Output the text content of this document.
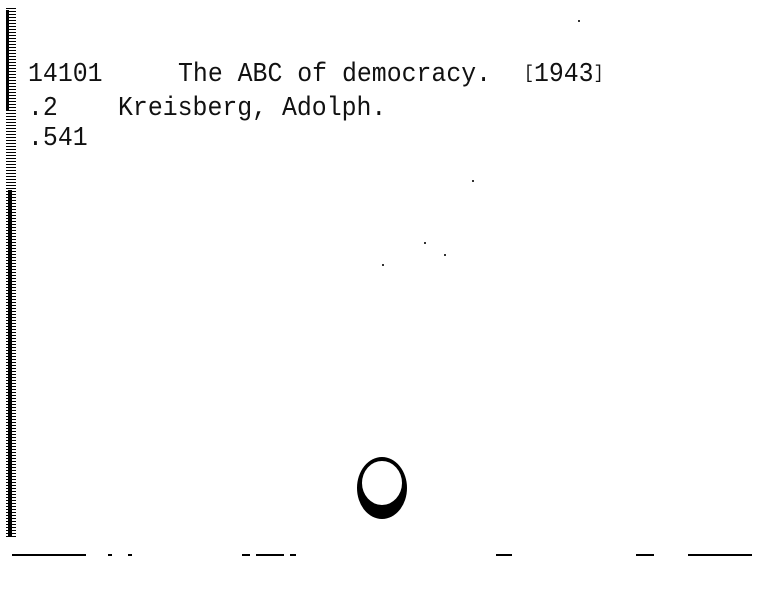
14101	The ABC of democracy. [1943]
.2 Kreisberg, Adolph.
.541
